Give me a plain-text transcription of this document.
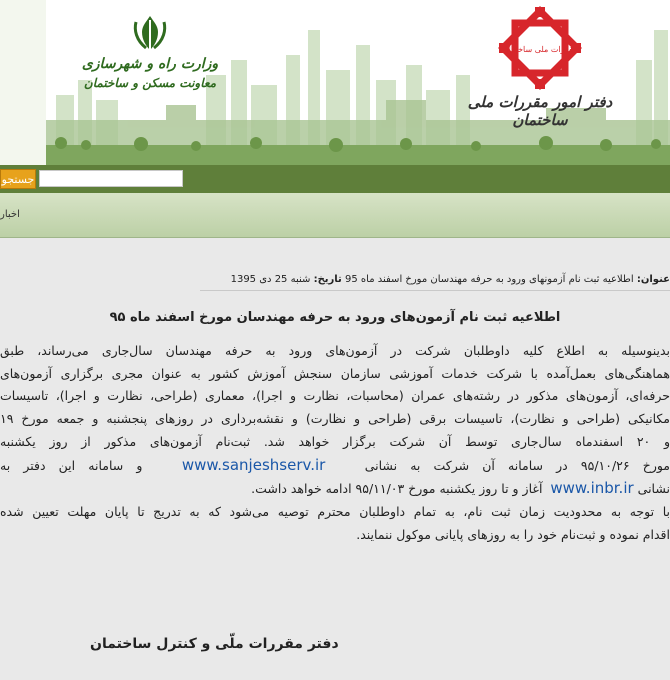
وزارت راه و شهرسازی
معاونت مسکن و ساختمان
مقررات ملی ساختمان
دفتر امور مقررات ملی ساختمان
جستجو
اخبار
عنوان: اطلاعیه ثبت نام آزمونهای ورود به حرفه مهندسان مورخ اسفند ماه 95 تاریخ: شنبه 25 دی 1395
اطلاعیه ثبت نام آزمون‌های ورود به حرفه مهندسان مورخ اسفند ماه ۹۵
بدینوسیله به اطلاع کلیه داوطلبان شرکت در آزمون‌های ورود به حرفه مهندسان سال‌جاری می‌رساند، طبق
هماهنگی‌های بعمل‌آمده با شرکت خدمات آموزشی سازمان سنجش آموزش کشور به عنوان مجری برگزاری آزمون‌های
حرفه‌ای، آزمون‌های مذکور در رشته‌های عمران (محاسبات، نظارت و اجرا)، معماری (طراحی، نظارت و اجرا)، تاسیسات
مکانیکی (طراحی و نظارت)، تاسیسات برقی (طراحی و نظارت) و نقشه‌برداری در روزهای پنجشنبه و جمعه مورخ ۱۹
و ۲۰ اسفندماه سال‌جاری توسط آن شرکت برگزار خواهد شد. ثبت‌نام آزمون‌های مذکور از روز یکشنبه
مورخ ۹۵/۱۰/۲۶ در سامانه آن شرکت به نشانی   www.sanjeshserv.ir   و سامانه این دفتر به
نشانی www.inbr.ir  آغاز و تا روز یکشنبه مورخ ۹۵/۱۱/۰۳ ادامه خواهد داشت.
با توجه به محدودیت زمان ثبت نام، به تمام داوطلبان محترم توصیه می‌شود که به تدریج تا پایان مهلت تعیین شده
اقدام نموده و ثبت‌نام خود را به روزهای پایانی موکول ننمایند.
دفتر مقررات ملّی و کنترل ساختمان
